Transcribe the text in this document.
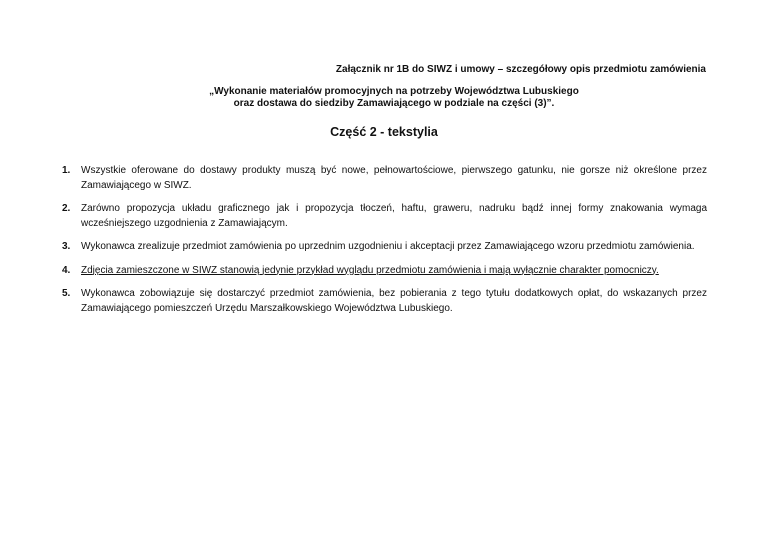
Załącznik nr 1B do SIWZ i umowy – szczegółowy opis przedmiotu zamówienia
„Wykonanie materiałów promocyjnych na potrzeby Województwa Lubuskiego
oraz dostawa do siedziby Zamawiającego w podziale na części (3)”.
Część 2 - tekstylia
1. Wszystkie oferowane do dostawy produkty muszą być nowe, pełnowartościowe, pierwszego gatunku, nie gorsze niż określone przez Zamawiającego w SIWZ.
2. Zarówno propozycja układu graficznego jak i propozycja tłoczeń, haftu, graweru, nadruku bądź innej formy znakowania wymaga wcześniejszego uzgodnienia z Zamawiającym.
3. Wykonawca zrealizuje przedmiot zamówienia po uprzednim uzgodnieniu i akceptacji przez Zamawiającego wzoru przedmiotu zamówienia.
4. Zdjęcia zamieszczone w SIWZ stanowią jedynie przykład wyglądu przedmiotu zamówienia i mają wyłącznie charakter pomocniczy.
5. Wykonawca zobowiązuje się dostarczyć przedmiot zamówienia, bez pobierania z tego tytułu dodatkowych opłat, do wskazanych przez Zamawiającego pomieszczeń Urzędu Marszałkowskiego Województwa Lubuskiego.
